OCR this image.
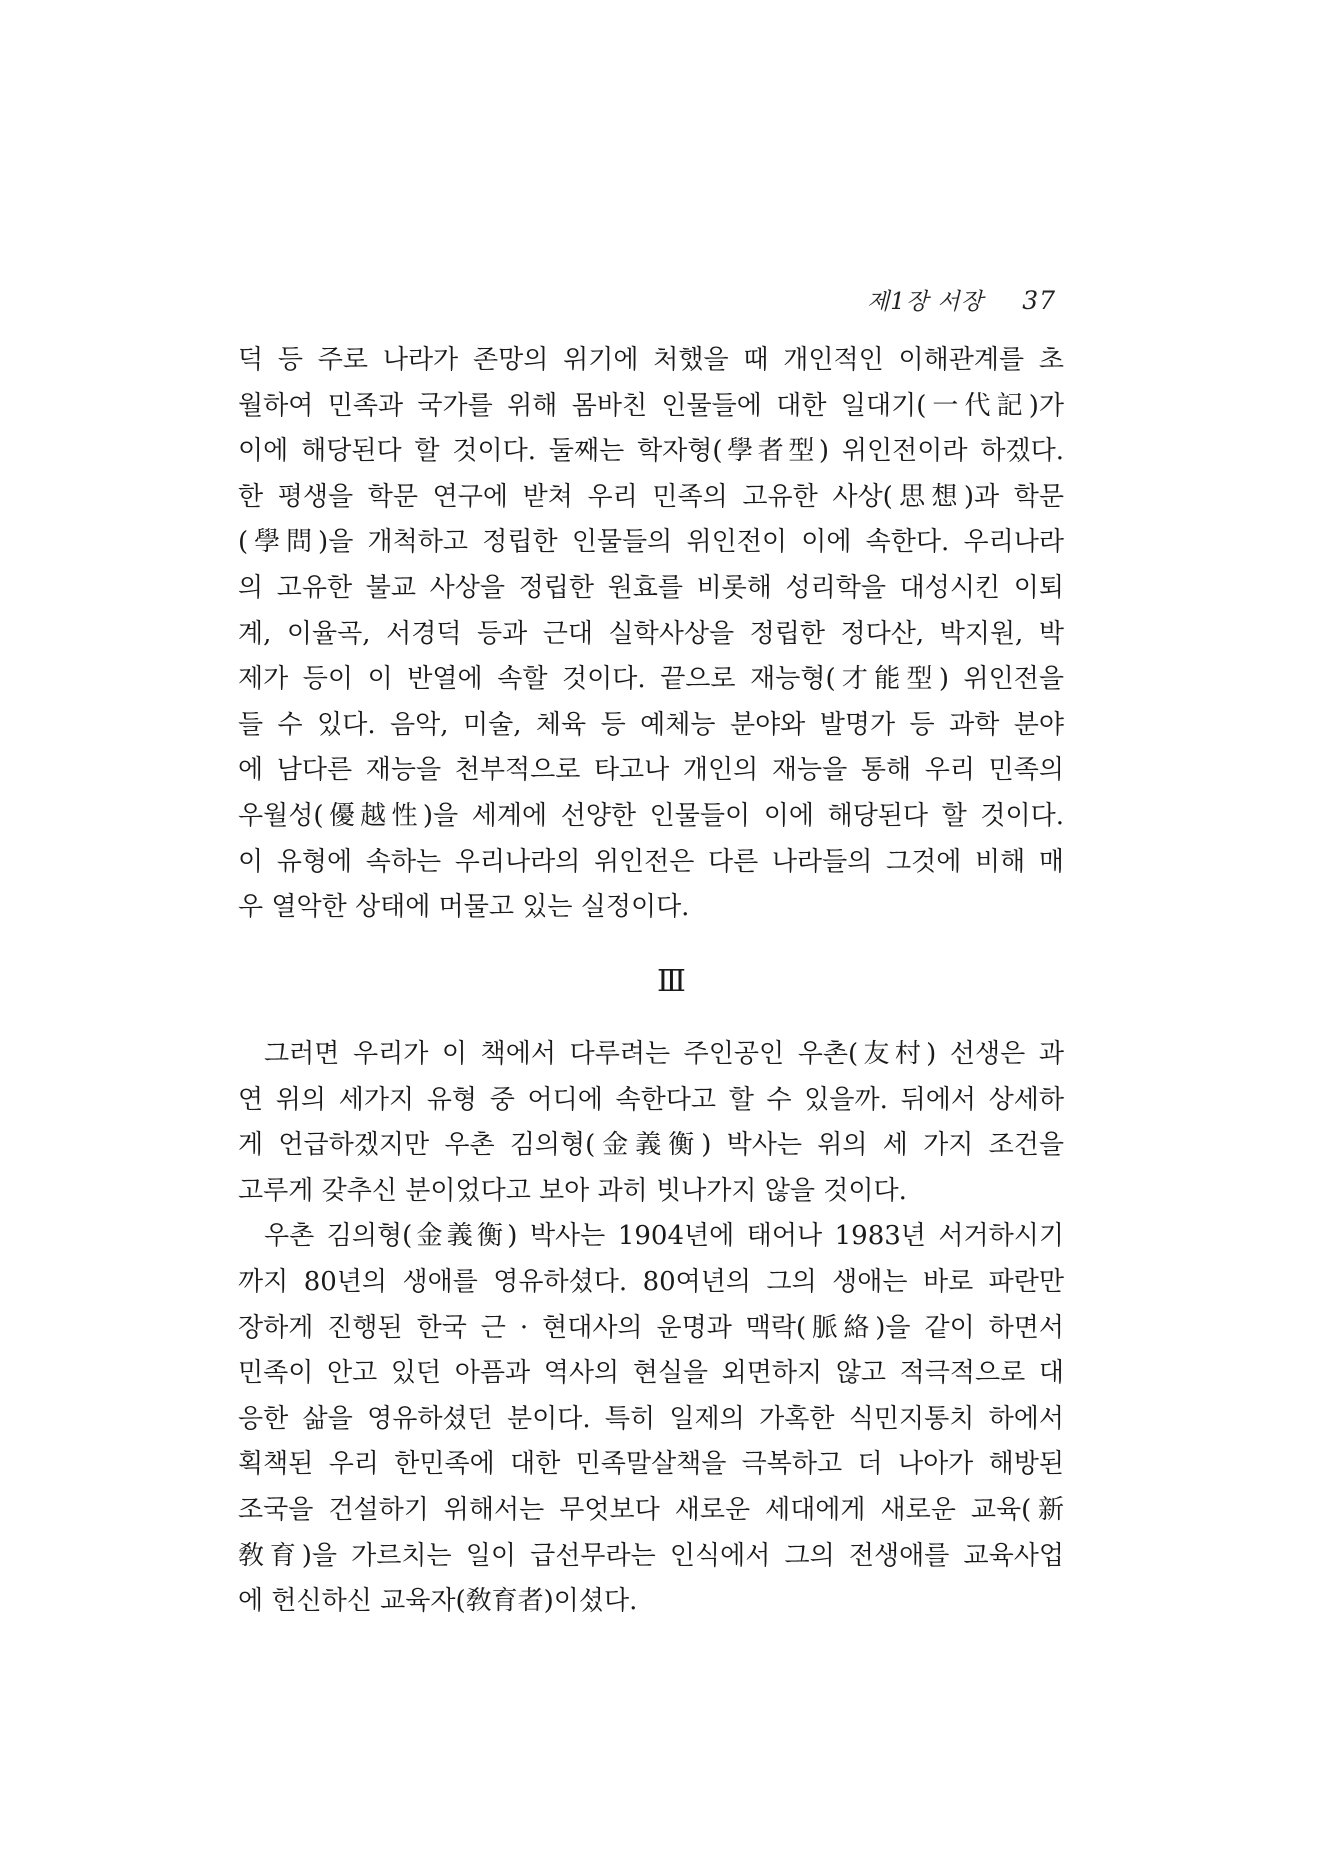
제1장 서장 37
덕 등 주로 나라가 존망의 위기에 처했을 때 개인적인 이해관계를 초
월하여 민족과 국가를 위해 몸바친 인물들에 대한 일대기(一代記)가
이에 해당된다 할 것이다. 둘째는 학자형(學者型) 위인전이라 하겠다.
한 평생을 학문 연구에 받쳐 우리 민족의 고유한 사상(思想)과 학문
(學問)을 개척하고 정립한 인물들의 위인전이 이에 속한다. 우리나라
의 고유한 불교 사상을 정립한 원효를 비롯해 성리학을 대성시킨 이퇴
계, 이율곡, 서경덕 등과 근대 실학사상을 정립한 정다산, 박지원, 박
제가 등이 이 반열에 속할 것이다. 끝으로 재능형(才能型) 위인전을
들 수 있다. 음악, 미술, 체육 등 예체능 분야와 발명가 등 과학 분야
에 남다른 재능을 천부적으로 타고나 개인의 재능을 통해 우리 민족의
우월성(優越性)을 세계에 선양한 인물들이 이에 해당된다 할 것이다.
이 유형에 속하는 우리나라의 위인전은 다른 나라들의 그것에 비해 매
우 열악한 상태에 머물고 있는 실정이다.
Ⅲ
그러면 우리가 이 책에서 다루려는 주인공인 우촌(友村) 선생은 과
연 위의 세가지 유형 중 어디에 속한다고 할 수 있을까. 뒤에서 상세하
게 언급하겠지만 우촌 김의형(金義衡) 박사는 위의 세 가지 조건을
고루게 갖추신 분이었다고 보아 과히 빗나가지 않을 것이다.
우촌 김의형(金義衡) 박사는 1904년에 태어나 1983년 서거하시기
까지 80년의 생애를 영유하셨다. 80여년의 그의 생애는 바로 파란만
장하게 진행된 한국 근 · 현대사의 운명과 맥락(脈絡)을 같이 하면서
민족이 안고 있던 아픔과 역사의 현실을 외면하지 않고 적극적으로 대
응한 삶을 영유하셨던 분이다. 특히 일제의 가혹한 식민지통치 하에서
획책된 우리 한민족에 대한 민족말살책을 극복하고 더 나아가 해방된
조국을 건설하기 위해서는 무엇보다 새로운 세대에게 새로운 교육(新
敎育)을 가르치는 일이 급선무라는 인식에서 그의 전생애를 교육사업
에 헌신하신 교육자(敎育者)이셨다.
